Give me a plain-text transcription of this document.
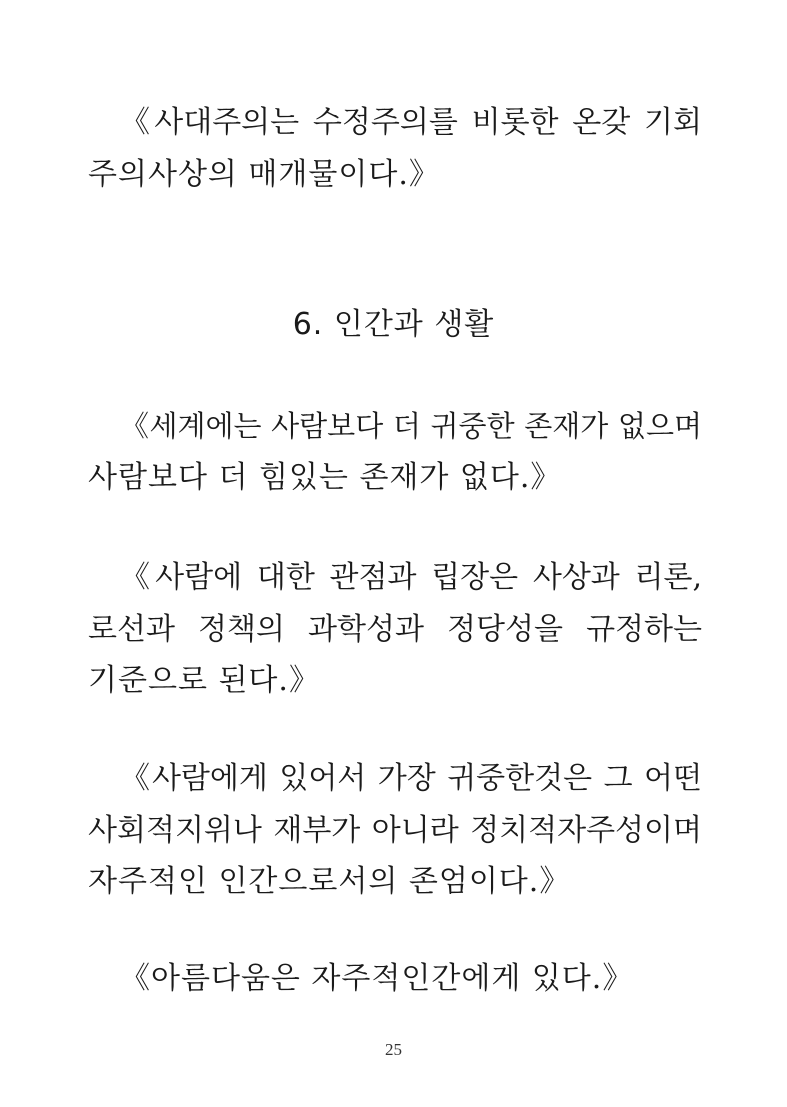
《사대주의는 수정주의를 비롯한 온갖 기회
주의사상의 매개물이다.》
6. 인간과 생활
《세계에는 사람보다 더 귀중한 존재가 없으며
사람보다 더 힘있는 존재가 없다.》
《사람에 대한 관점과 립장은 사상과 리론,
로선과 정책의 과학성과 정당성을 규정하는
기준으로 된다.》
《사람에게 있어서 가장 귀중한것은 그 어떤
사회적지위나 재부가 아니라 정치적자주성이며
자주적인 인간으로서의 존엄이다.》
《아름다움은 자주적인간에게 있다.》
25
